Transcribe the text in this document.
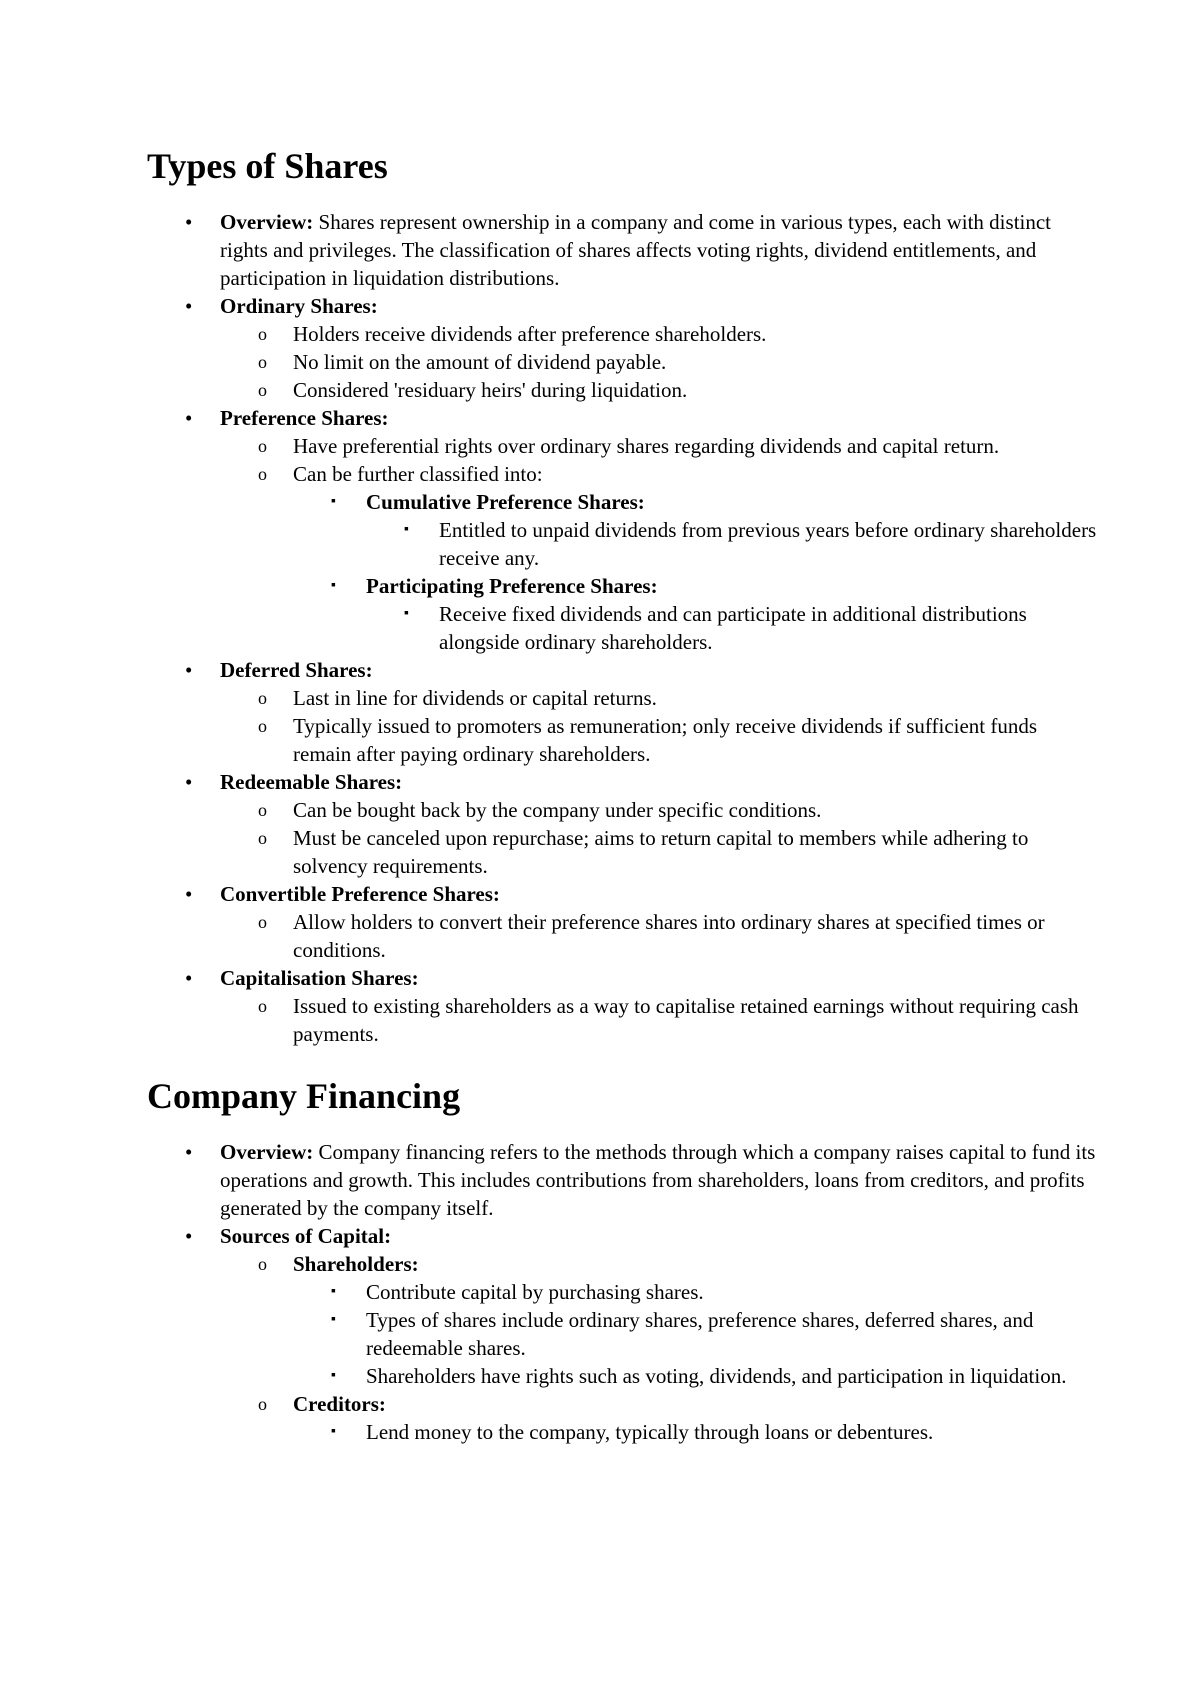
Types of Shares
• Overview: Shares represent ownership in a company and come in various types, each with distinct rights and privileges. The classification of shares affects voting rights, dividend entitlements, and participation in liquidation distributions.
• Ordinary Shares:
o Holders receive dividends after preference shareholders.
o No limit on the amount of dividend payable.
o Considered 'residuary heirs' during liquidation.
• Preference Shares:
o Have preferential rights over ordinary shares regarding dividends and capital return.
o Can be further classified into:
▪ Cumulative Preference Shares:
▪ Entitled to unpaid dividends from previous years before ordinary shareholders receive any.
▪ Participating Preference Shares:
▪ Receive fixed dividends and can participate in additional distributions alongside ordinary shareholders.
• Deferred Shares:
o Last in line for dividends or capital returns.
o Typically issued to promoters as remuneration; only receive dividends if sufficient funds remain after paying ordinary shareholders.
• Redeemable Shares:
o Can be bought back by the company under specific conditions.
o Must be canceled upon repurchase; aims to return capital to members while adhering to solvency requirements.
• Convertible Preference Shares:
o Allow holders to convert their preference shares into ordinary shares at specified times or conditions.
• Capitalisation Shares:
o Issued to existing shareholders as a way to capitalise retained earnings without requiring cash payments.
Company Financing
• Overview: Company financing refers to the methods through which a company raises capital to fund its operations and growth. This includes contributions from shareholders, loans from creditors, and profits generated by the company itself.
• Sources of Capital:
o Shareholders:
▪ Contribute capital by purchasing shares.
▪ Types of shares include ordinary shares, preference shares, deferred shares, and redeemable shares.
▪ Shareholders have rights such as voting, dividends, and participation in liquidation.
o Creditors:
▪ Lend money to the company, typically through loans or debentures.
